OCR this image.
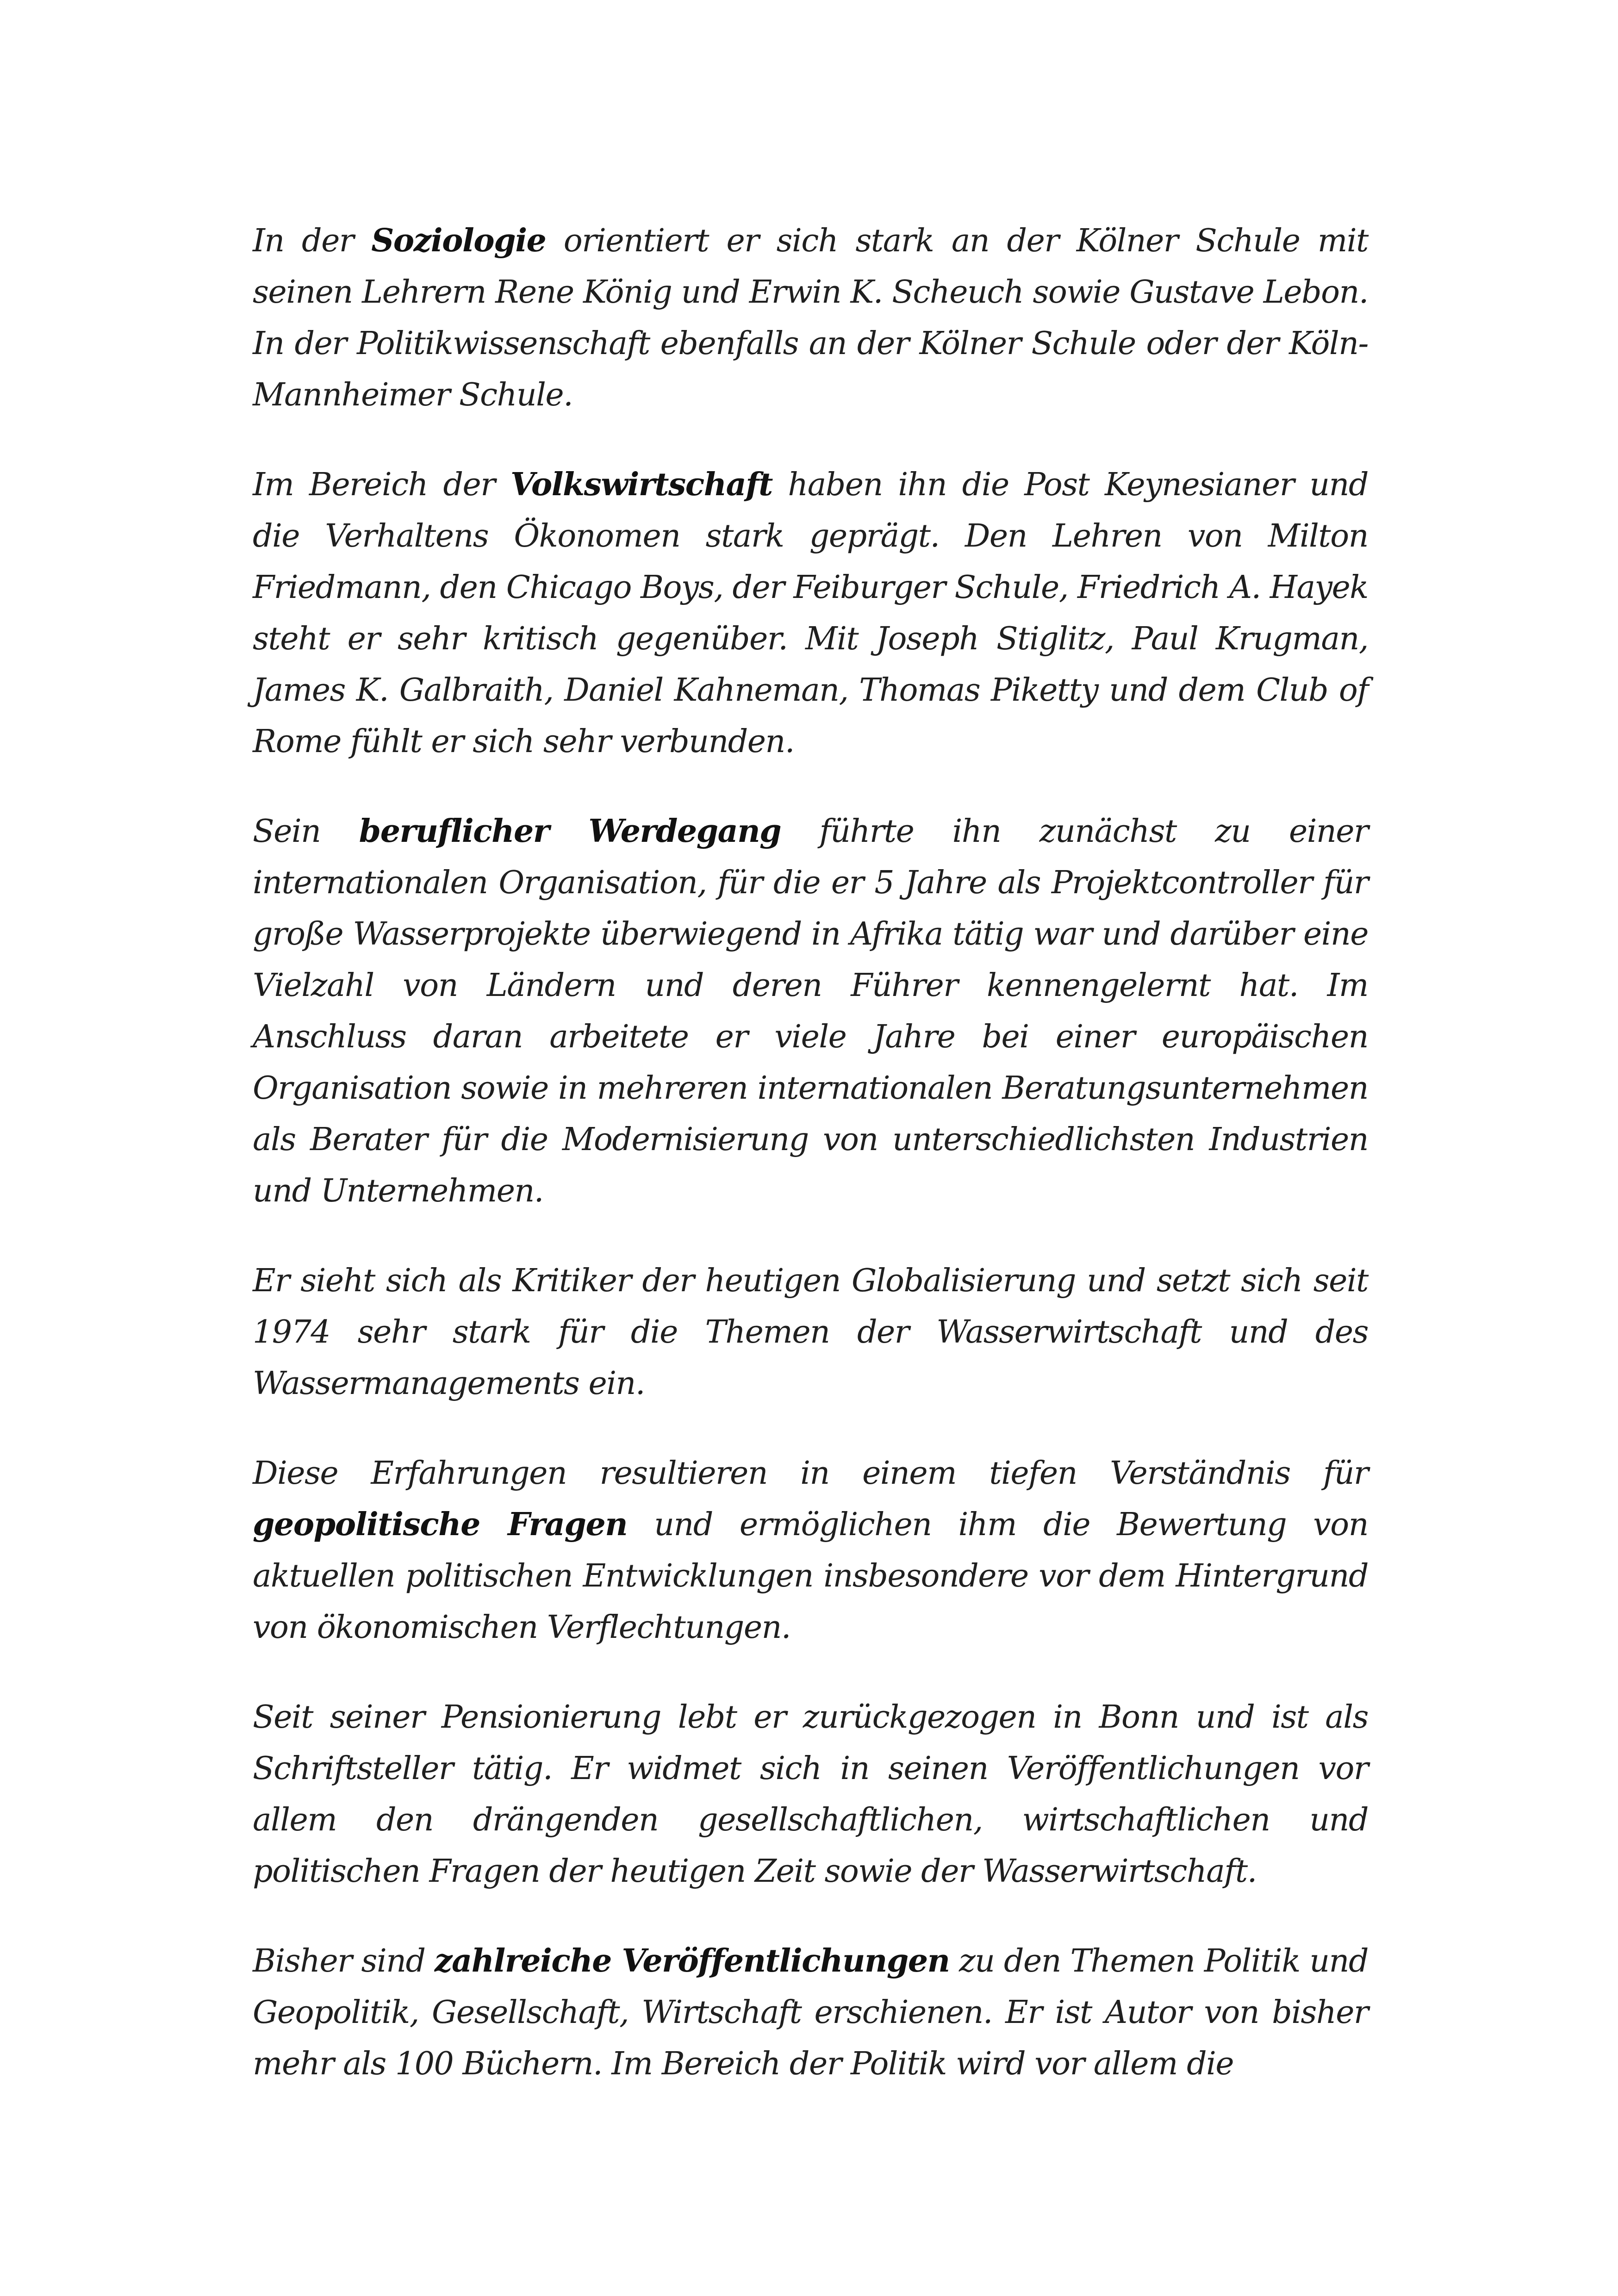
In der Soziologie orientiert er sich stark an der Kölner Schule mit seinen Lehrern Rene König und Erwin K. Scheuch sowie Gustave Lebon. In der Politikwissenschaft ebenfalls an der Kölner Schule oder der Köln-Mannheimer Schule.

Im Bereich der Volkswirtschaft haben ihn die Post Keynesianer und die Verhaltens Ökonomen stark geprägt. Den Lehren von Milton Friedmann, den Chicago Boys, der Feiburger Schule, Friedrich A. Hayek steht er sehr kritisch gegenüber. Mit Joseph Stiglitz, Paul Krugman, James K. Galbraith, Daniel Kahneman, Thomas Piketty und dem Club of Rome fühlt er sich sehr verbunden.

Sein beruflicher Werdegang führte ihn zunächst zu einer internationalen Organisation, für die er 5 Jahre als Projektcontroller für große Wasserprojekte überwiegend in Afrika tätig war und darüber eine Vielzahl von Ländern und deren Führer kennengelernt hat. Im Anschluss daran arbeitete er viele Jahre bei einer europäischen Organisation sowie in mehreren internationalen Beratungsunternehmen als Berater für die Modernisierung von unterschiedlichsten Industrien und Unternehmen.

Er sieht sich als Kritiker der heutigen Globalisierung und setzt sich seit 1974 sehr stark für die Themen der Wasserwirtschaft und des Wassermanagements ein.

Diese Erfahrungen resultieren in einem tiefen Verständnis für geopolitische Fragen und ermöglichen ihm die Bewertung von aktuellen politischen Entwicklungen insbesondere vor dem Hintergrund von ökonomischen Verflechtungen.

Seit seiner Pensionierung lebt er zurückgezogen in Bonn und ist als Schriftsteller tätig. Er widmet sich in seinen Veröffentlichungen vor allem den drängenden gesellschaftlichen, wirtschaftlichen und politischen Fragen der heutigen Zeit sowie der Wasserwirtschaft.

Bisher sind zahlreiche Veröffentlichungen zu den Themen Politik und Geopolitik, Gesellschaft, Wirtschaft erschienen. Er ist Autor von bisher mehr als 100 Büchern. Im Bereich der Politik wird vor allem die
